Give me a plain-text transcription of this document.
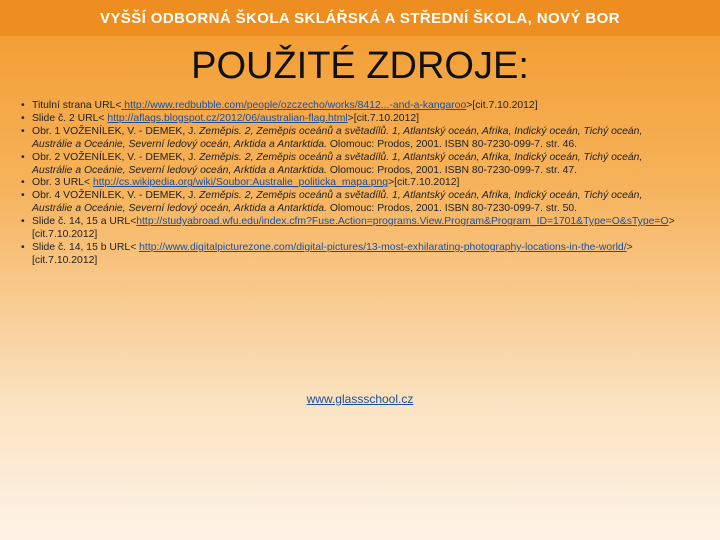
VYŠŠÍ ODBORNÁ ŠKOLA SKLÁŘSKÁ A STŘEDNÍ ŠKOLA, NOVÝ BOR
POUŽITÉ ZDROJE:
• Titulní strana URL< http://www.redbubble.com/people/ozczecho/works/8412...-and-a-kangaroo>[cit.7.10.2012]
• Slide č. 2 URL< http://aflags.blogspot.cz/2012/06/australian-flag.html>[cit.7.10.2012]
• Obr. 1 VOŽENÍLEK, V. - DEMEK, J. Zeměpis. 2, Zeměpis oceánů a světadílů. 1, Atlantský oceán, Afrika, Indický oceán, Tichý oceán, Austrálie a Oceánie, Severní ledový oceán, Arktida a Antarktida. Olomouc: Prodos, 2001. ISBN 80-7230-099-7. str. 46.
• Obr. 2 VOŽENÍLEK, V. - DEMEK, J. Zeměpis. 2, Zeměpis oceánů a světadílů. 1, Atlantský oceán, Afrika, Indický oceán, Tichý oceán, Austrálie a Oceánie, Severní ledový oceán, Arktida a Antarktida. Olomouc: Prodos, 2001. ISBN 80-7230-099-7. str. 47.
• Obr. 3 URL< http://cs.wikipedia.org/wiki/Soubor:Australie_politicka_mapa.png>[cit.7.10.2012]
• Obr. 4 VOŽENÍLEK, V. - DEMEK, J. Zeměpis. 2, Zeměpis oceánů a světadílů. 1, Atlantský oceán, Afrika, Indický oceán, Tichý oceán, Austrálie a Oceánie, Severní ledový oceán, Arktida a Antarktida. Olomouc: Prodos, 2001. ISBN 80-7230-099-7. str. 50.
• Slide č. 14, 15 a URL<http://studyabroad.wfu.edu/index.cfm?Fuse.Action=programs.View.Program&Program_ID=1701&Type=O&sType=O>[cit.7.10.2012]
• Slide č. 14, 15 b URL< http://www.digitalpicturezone.com/digital-pictures/13-most-exhilarating-photography-locations-in-the-world/>[cit.7.10.2012]
www.glassschool.cz
